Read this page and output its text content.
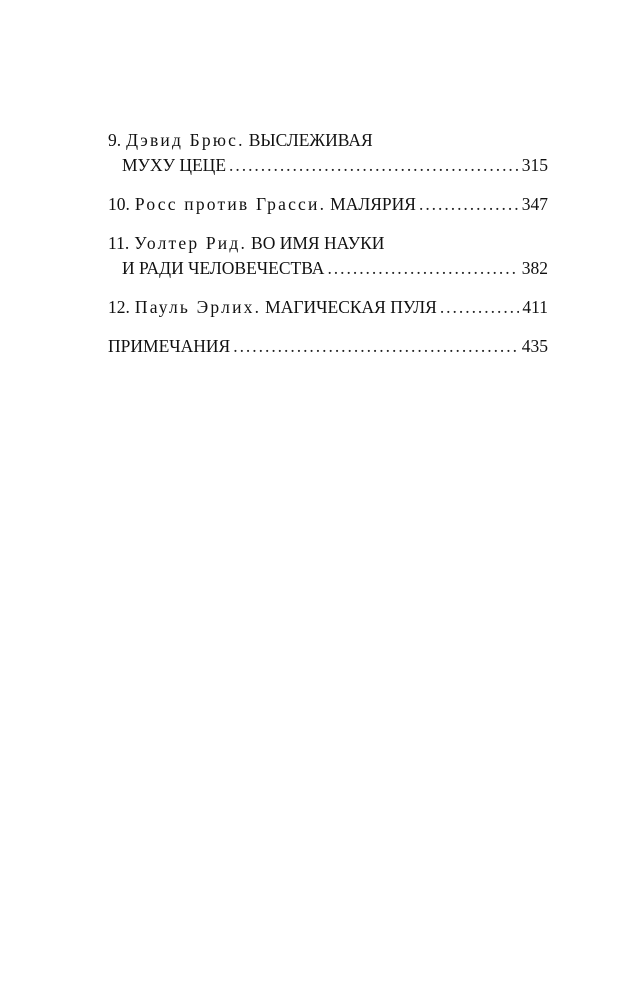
9. Дэвид Брюс. ВЫСЛЕЖИВАЯ
МУХУ ЦЕЦЕ . . .	315
10. Росс против Грасси. МАЛЯРИЯ . . .	347
11. Уолтер Рид. ВО ИМЯ НАУКИ
И РАДИ ЧЕЛОВЕЧЕСТВА . . .	382
12. Пауль Эрлих. МАГИЧЕСКАЯ ПУЛЯ . . .	411
ПРИМЕЧАНИЯ . . .	435
